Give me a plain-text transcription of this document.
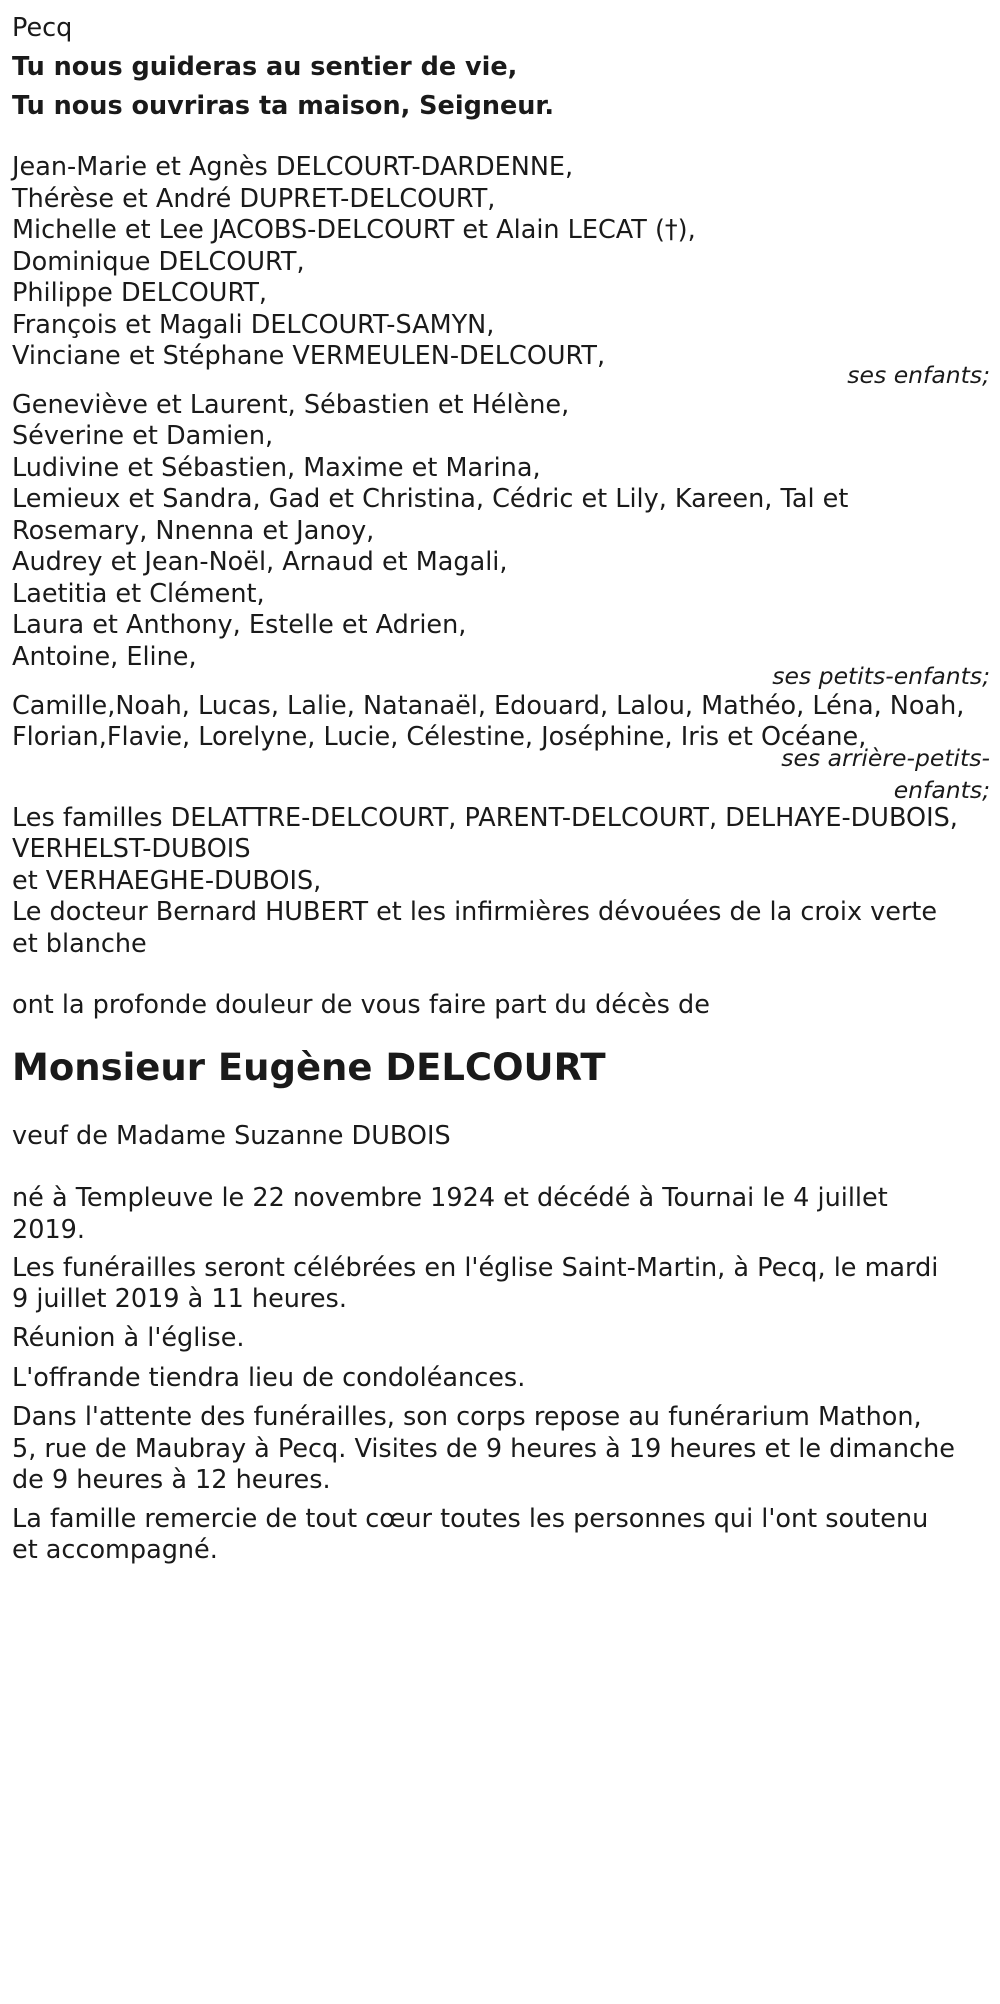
Pecq
Tu nous guideras au sentier de vie,
Tu nous ouvriras ta maison, Seigneur.
Jean-Marie et Agnès DELCOURT-DARDENNE,
Thérèse et André DUPRET-DELCOURT,
Michelle et Lee JACOBS-DELCOURT et Alain LECAT (†),
Dominique DELCOURT,
Philippe DELCOURT,
François et Magali DELCOURT-SAMYN,
Vinciane et Stéphane VERMEULEN-DELCOURT,
ses enfants;
Geneviève et Laurent, Sébastien et Hélène,
Séverine et Damien,
Ludivine et Sébastien, Maxime et Marina,
Lemieux et Sandra, Gad et Christina, Cédric et Lily, Kareen, Tal et
Rosemary, Nnenna et Janoy,
Audrey et Jean-Noël, Arnaud et Magali,
Laetitia et Clément,
Laura et Anthony, Estelle et Adrien,
Antoine, Eline,
ses petits-enfants;
Camille,Noah, Lucas, Lalie, Natanaël, Edouard, Lalou, Mathéo, Léna, Noah,
Florian,Flavie, Lorelyne, Lucie, Célestine, Joséphine, Iris et Océane,
ses arrière-petits-
enfants;
Les familles DELATTRE-DELCOURT, PARENT-DELCOURT, DELHAYE-DUBOIS,
VERHELST-DUBOIS
et VERHAEGHE-DUBOIS,
Le docteur Bernard HUBERT et les infirmières dévouées de la croix verte
et blanche
ont la profonde douleur de vous faire part du décès de
Monsieur Eugène DELCOURT
veuf de Madame Suzanne DUBOIS
né à Templeuve le 22 novembre 1924 et décédé à Tournai le 4 juillet
2019.
Les funérailles seront célébrées en l'église Saint-Martin, à Pecq, le mardi
9 juillet 2019 à 11 heures.
Réunion à l'église.
L'offrande tiendra lieu de condoléances.
Dans l'attente des funérailles, son corps repose au funérarium Mathon,
5, rue de Maubray à Pecq. Visites de 9 heures à 19 heures et le dimanche
de 9 heures à 12 heures.
La famille remercie de tout cœur toutes les personnes qui l'ont soutenu
et accompagné.
